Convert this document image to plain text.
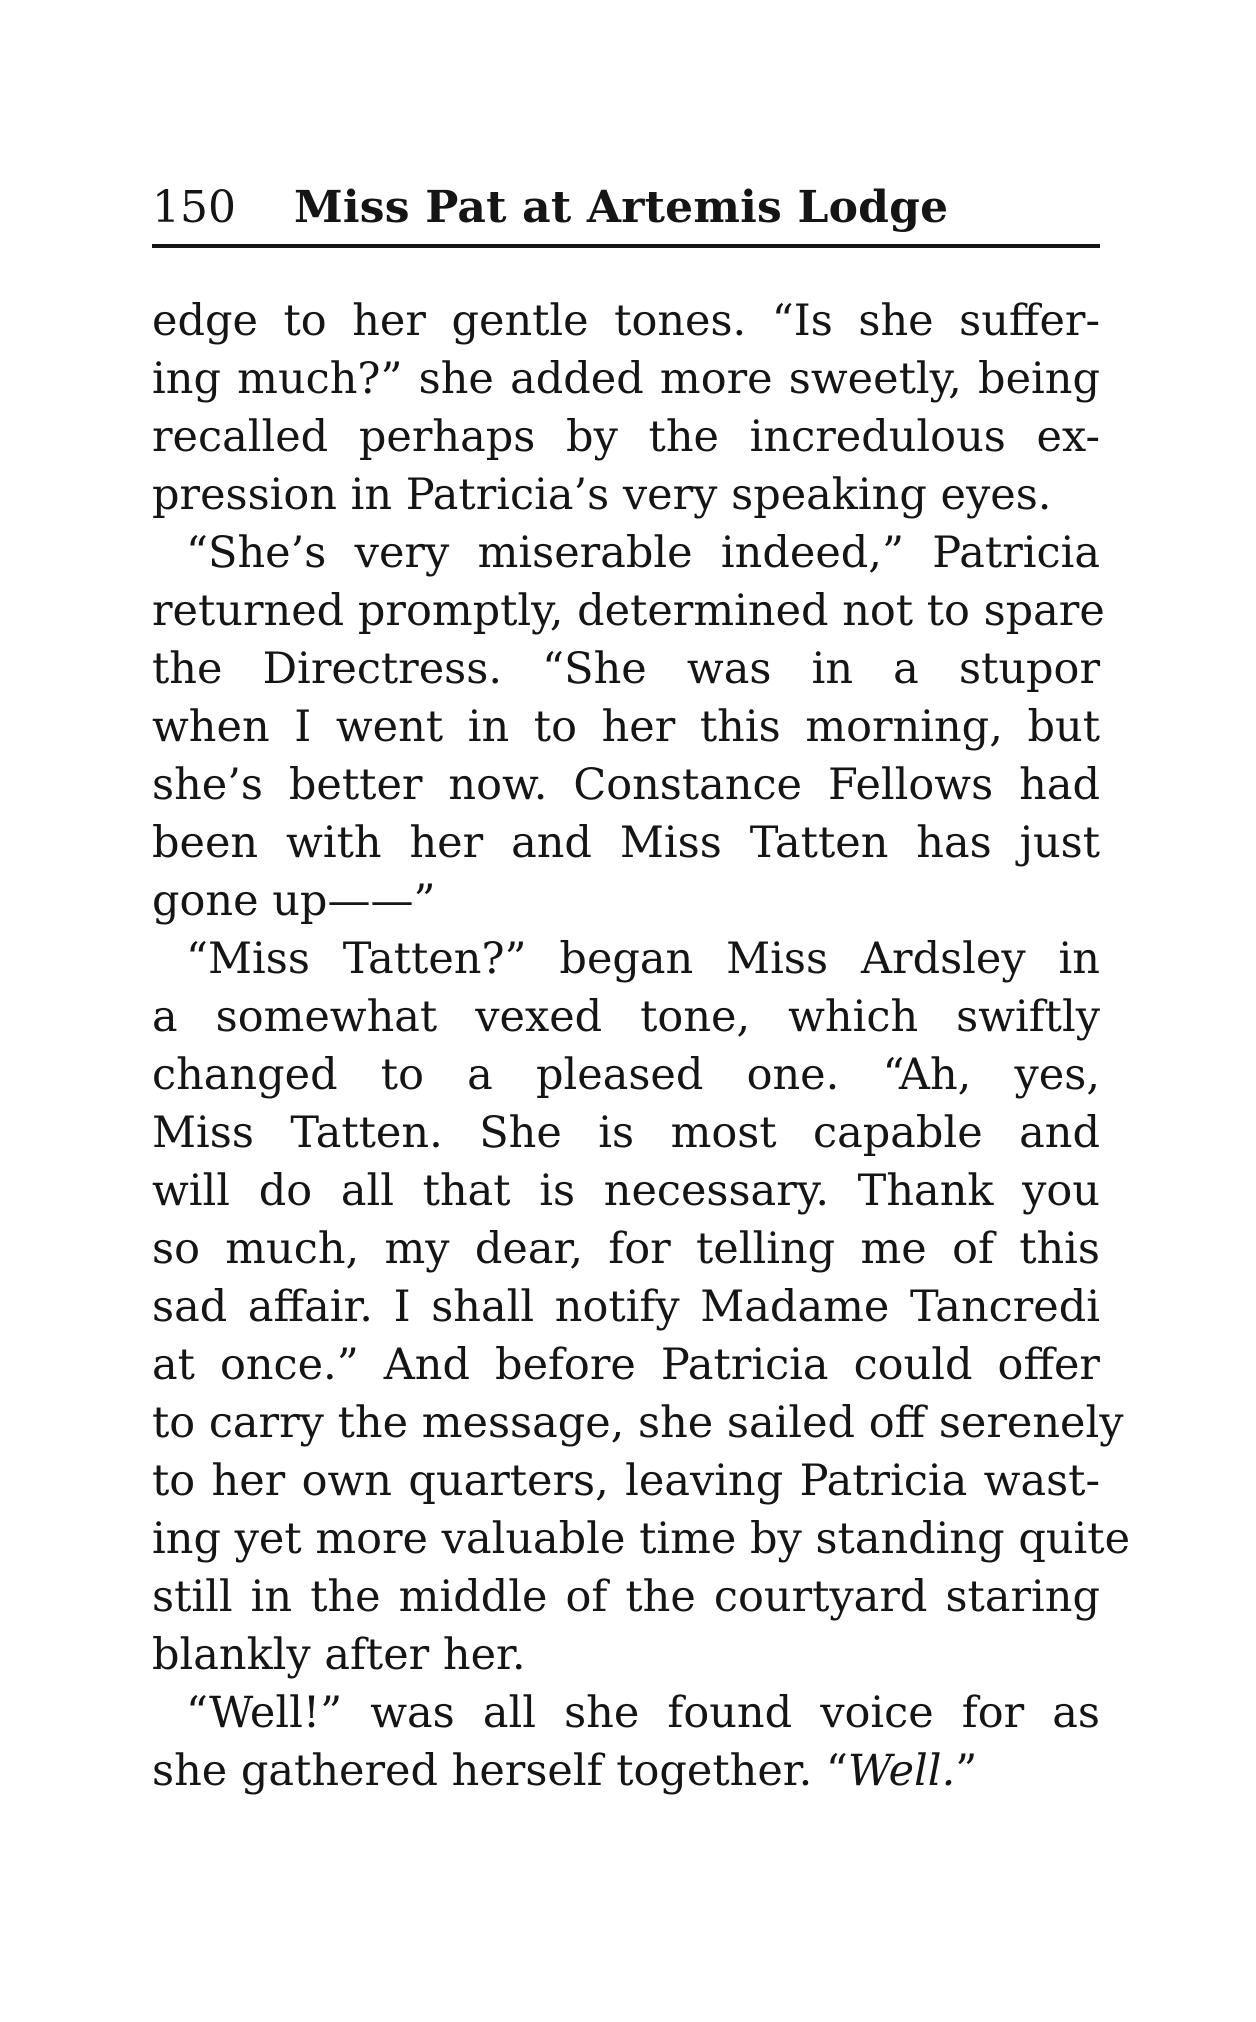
150 Miss Pat at Artemis Lodge
edge to her gentle tones. “Is she suffer-
ing much?” she added more sweetly, being
recalled perhaps by the incredulous ex-
pression in Patricia’s very speaking eyes.
“She’s very miserable indeed,” Patricia
returned promptly, determined not to spare
the Directress. “She was in a stupor
when I went in to her this morning, but
she’s better now. Constance Fellows had
been with her and Miss Tatten has just
gone up——”
“Miss Tatten?” began Miss Ardsley in
a somewhat vexed tone, which swiftly
changed to a pleased one. “Ah, yes,
Miss Tatten. She is most capable and
will do all that is necessary. Thank you
so much, my dear, for telling me of this
sad affair. I shall notify Madame Tancredi
at once.” And before Patricia could offer
to carry the message, she sailed off serenely
to her own quarters, leaving Patricia wast-
ing yet more valuable time by standing quite
still in the middle of the courtyard staring
blankly after her.
“Well!” was all she found voice for as
she gathered herself together. “Well.”
